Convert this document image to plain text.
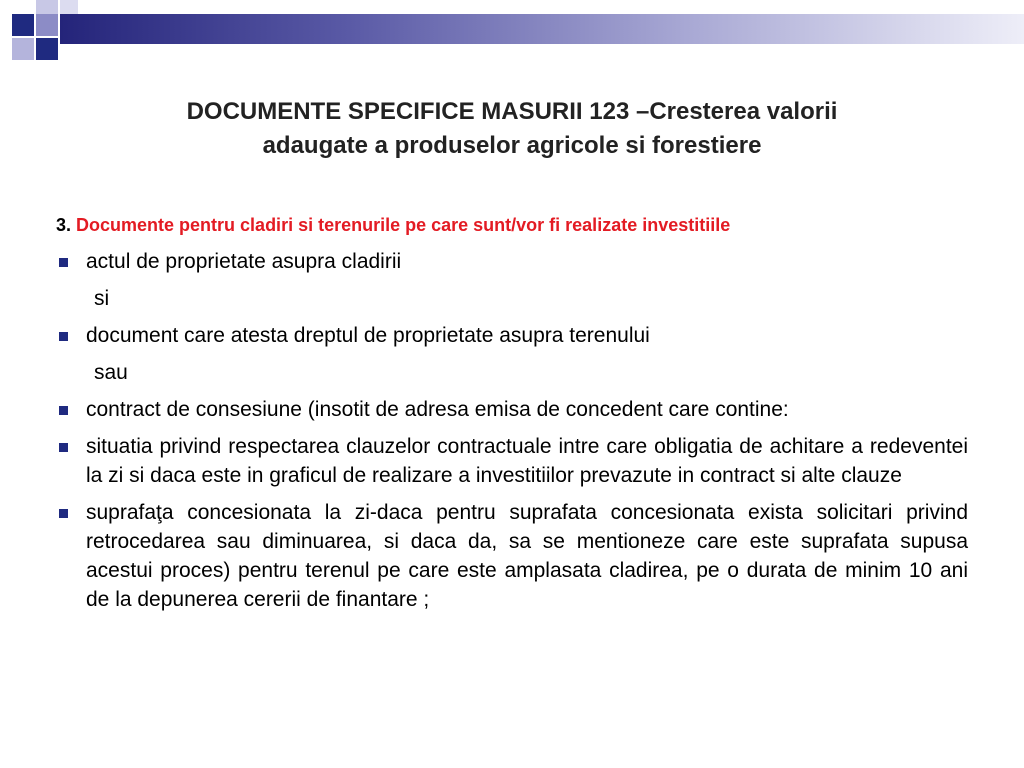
DOCUMENTE SPECIFICE MASURII 123 –Cresterea valorii
adaugate a produselor agricole si forestiere
3. Documente pentru cladiri si terenurile pe care sunt/vor fi realizate investitiile
actul de proprietate asupra cladirii
si
document care atesta dreptul de proprietate asupra terenului
sau
contract de consesiune (insotit de adresa emisa de concedent care contine:
situatia privind respectarea clauzelor contractuale intre care obligatia de achitare a redeventei la zi si daca este in graficul de realizare a investitiilor prevazute in contract si alte clauze
suprafaţa concesionata la zi-daca pentru suprafata concesionata exista solicitari privind retrocedarea sau diminuarea, si daca da, sa se mentioneze care este suprafata supusa acestui proces) pentru terenul pe care este amplasata cladirea, pe o durata de minim 10 ani de la depunerea cererii de finantare ;
